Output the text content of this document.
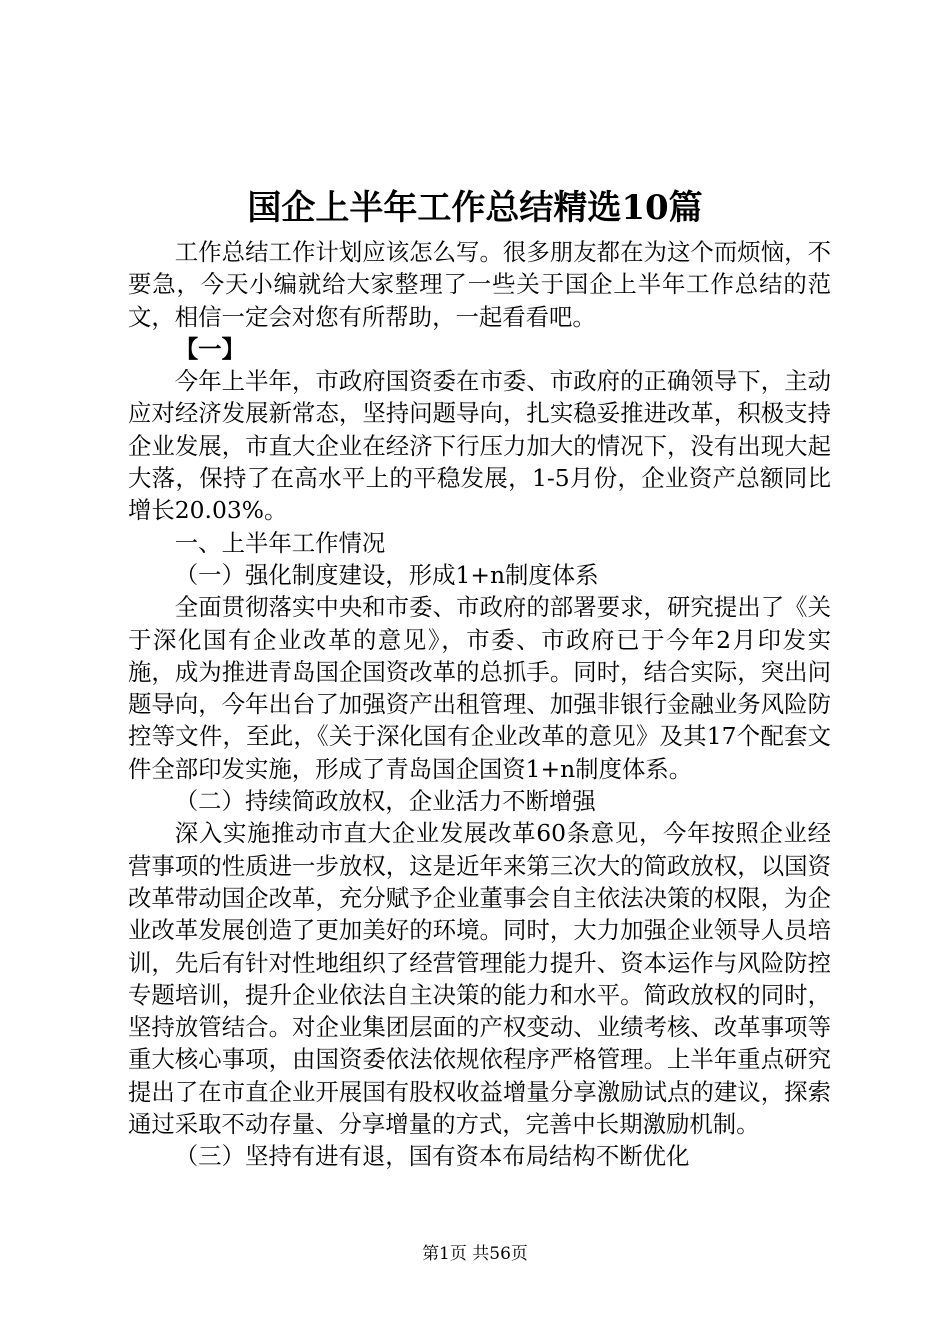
国企上半年工作总结精选10篇

工作总结工作计划应该怎么写。很多朋友都在为这个而烦恼，不要急，今天小编就给大家整理了一些关于国企上半年工作总结的范文，相信一定会对您有所帮助，一起看看吧。

【一】

今年上半年，市政府国资委在市委、市政府的正确领导下，主动应对经济发展新常态，坚持问题导向，扎实稳妥推进改革，积极支持企业发展，市直大企业在经济下行压力加大的情况下，没有出现大起大落，保持了在高水平上的平稳发展，1-5月份，企业资产总额同比增长20.03%。

一、上半年工作情况

（一）强化制度建设，形成1+n制度体系

全面贯彻落实中央和市委、市政府的部署要求，研究提出了《关于深化国有企业改革的意见》，市委、市政府已于今年2月印发实施，成为推进青岛国企国资改革的总抓手。同时，结合实际，突出问题导向，今年出台了加强资产出租管理、加强非银行金融业务风险防控等文件，至此，《关于深化国有企业改革的意见》及其17个配套文件全部印发实施，形成了青岛国企国资1+n制度体系。

（二）持续简政放权，企业活力不断增强

深入实施推动市直大企业发展改革60条意见，今年按照企业经营事项的性质进一步放权，这是近年来第三次大的简政放权，以国资改革带动国企改革，充分赋予企业董事会自主依法决策的权限，为企业改革发展创造了更加美好的环境。同时，大力加强企业领导人员培训，先后有针对性地组织了经营管理能力提升、资本运作与风险防控专题培训，提升企业依法自主决策的能力和水平。简政放权的同时，坚持放管结合。对企业集团层面的产权变动、业绩考核、改革事项等重大核心事项，由国资委依法依规依程序严格管理。上半年重点研究提出了在市直企业开展国有股权收益增量分享激励试点的建议，探索通过采取不动存量、分享增量的方式，完善中长期激励机制。

（三）坚持有进有退，国有资本布局结构不断优化

第1页 共56页
